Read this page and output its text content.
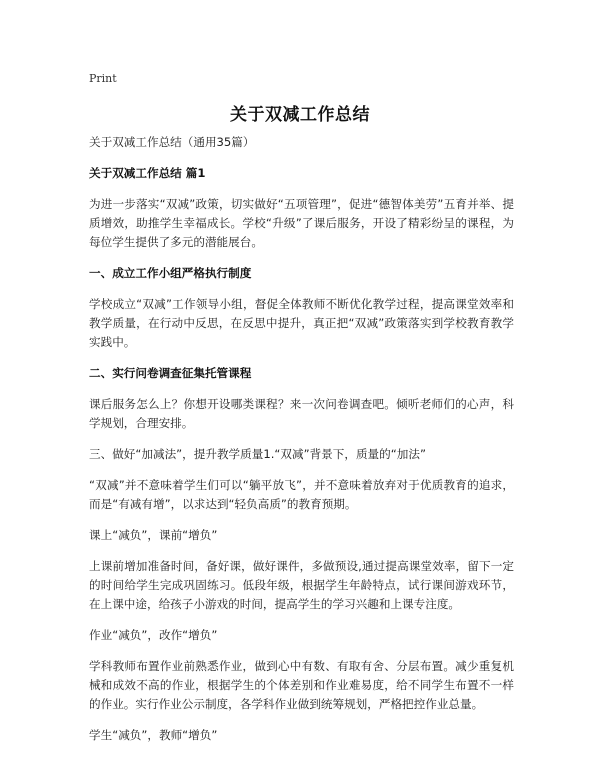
Print
关于双减工作总结

关于双减工作总结（通用35篇）

关于双减工作总结 篇1

为进一步落实“双减”政策，切实做好“五项管理”，促进“德智体美劳”五育并举、提质增效，助推学生幸福成长。学校“升级”了课后服务，开设了精彩纷呈的课程，为每位学生提供了多元的潜能展台。

一、成立工作小组严格执行制度

学校成立“双减”工作领导小组，督促全体教师不断优化教学过程，提高课堂效率和教学质量，在行动中反思，在反思中提升，真正把“双减”政策落实到学校教育教学实践中。

二、实行问卷调查征集托管课程

课后服务怎么上？你想开设哪类课程？来一次问卷调查吧。倾听老师们的心声，科学规划，合理安排。

三、做好“加减法”，提升教学质量1.“双减”背景下，质量的“加法”

“双减”并不意味着学生们可以“躺平放飞”，并不意味着放弃对于优质教育的追求，而是“有减有增”，以求达到“轻负高质”的教育预期。

课上“减负”，课前“增负”

上课前增加准备时间，备好课，做好课件，多做预设,通过提高课堂效率，留下一定的时间给学生完成巩固练习。低段年级，根据学生年龄特点，试行课间游戏环节，在上课中途，给孩子小游戏的时间，提高学生的学习兴趣和上课专注度。

作业“减负”，改作“增负”

学科教师布置作业前熟悉作业，做到心中有数、有取有舍、分层布置。减少重复机械和成效不高的作业，根据学生的个体差别和作业难易度，给不同学生布置不一样的作业。实行作业公示制度，各学科作业做到统筹规划，严格把控作业总量。

学生“减负”，教师“增负”
